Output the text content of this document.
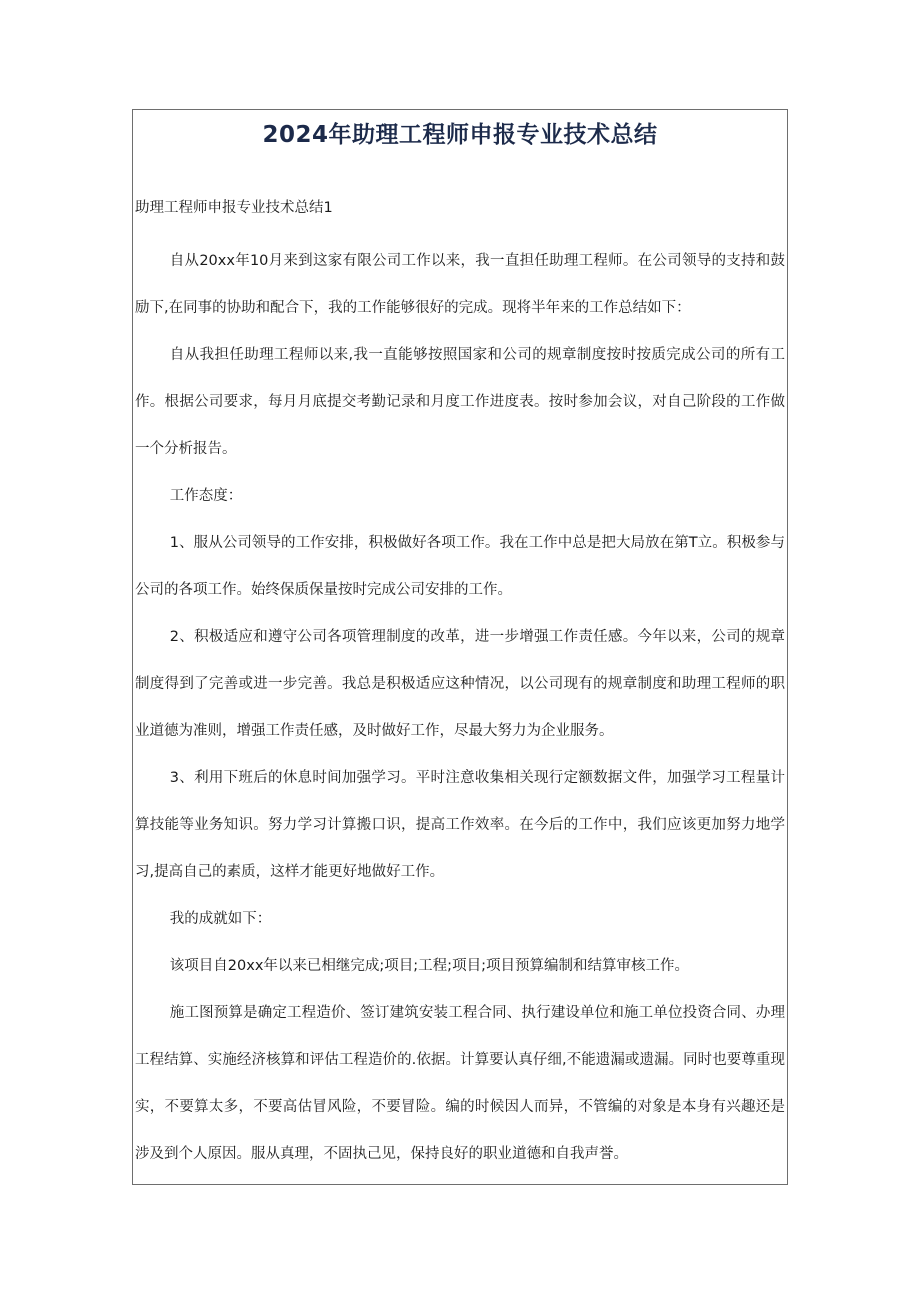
2024年助理工程师申报专业技术总结
助理工程师申报专业技术总结1

自从20xx年10月来到这家有限公司工作以来，我一直担任助理工程师。在公司领导的支持和鼓励下,在同事的协助和配合下，我的工作能够很好的完成。现将半年来的工作总结如下：

自从我担任助理工程师以来,我一直能够按照国家和公司的规章制度按时按质完成公司的所有工作。根据公司要求，每月月底提交考勤记录和月度工作进度表。按时参加会议，对自己阶段的工作做一个分析报告。

工作态度：

1、服从公司领导的工作安排，积极做好各项工作。我在工作中总是把大局放在第T立。积极参与公司的各项工作。始终保质保量按时完成公司安排的工作。

2、积极适应和遵守公司各项管理制度的改革，进一步增强工作责任感。今年以来，公司的规章制度得到了完善或进一步完善。我总是积极适应这种情况，以公司现有的规章制度和助理工程师的职业道德为准则，增强工作责任感，及时做好工作，尽最大努力为企业服务。

3、利用下班后的休息时间加强学习。平时注意收集相关现行定额数据文件，加强学习工程量计算技能等业务知识。努力学习计算搬口识，提高工作效率。在今后的工作中，我们应该更加努力地学习,提高自己的素质，这样才能更好地做好工作。

我的成就如下：

该项目自20xx年以来已相继完成;项目;工程;项目;项目预算编制和结算审核工作。

施工图预算是确定工程造价、签订建筑安装工程合同、执行建设单位和施工单位投资合同、办理工程结算、实施经济核算和评估工程造价的.依据。计算要认真仔细,不能遗漏或遗漏。同时也要尊重现实，不要算太多，不要高估冒风险，不要冒险。编的时候因人而异，不管编的对象是本身有兴趣还是涉及到个人原因。服从真理，不固执己见，保持良好的职业道德和自我声誉。
